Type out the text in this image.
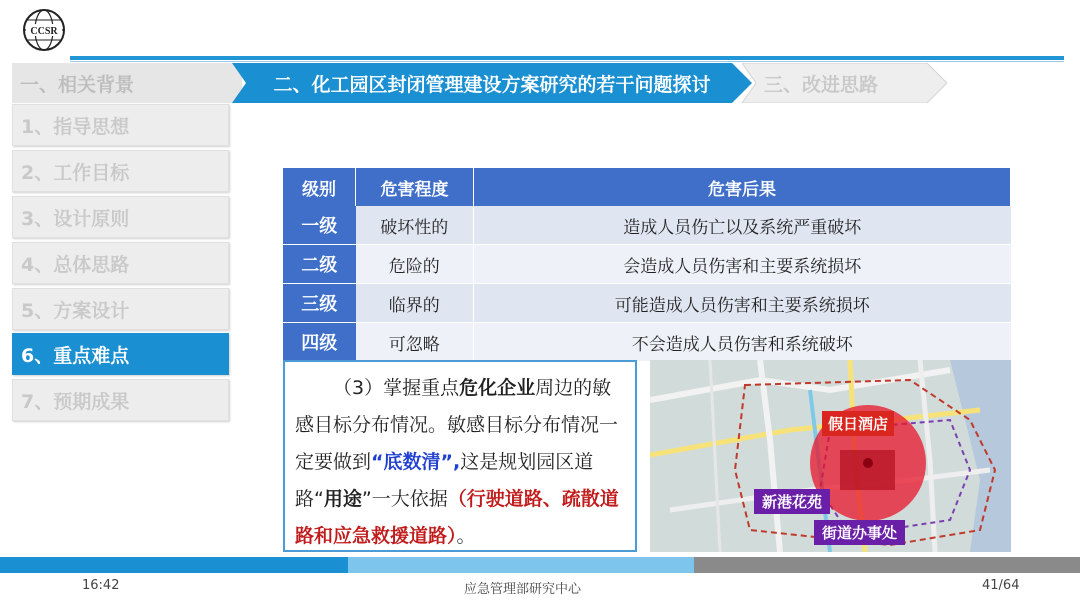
CCSR
一、相关背景	三、改进思路
二、化工园区封闭管理建设方案研究的若干问题探讨
1、指导思想
2、工作目标
3、设计原则
4、总体思路
5、方案设计
6、重点难点
7、预期成果
级别	危害程度	危害后果
一级	破坏性的	造成人员伤亡以及系统严重破坏
二级	危险的	会造成人员伤害和主要系统损坏
三级	临界的	可能造成人员伤害和主要系统损坏
四级	可忽略	不会造成人员伤害和系统破坏
（3）掌握重点危化企业周边的敏感目标分布情况。敏感目标分布情况一定要做到“底数清”,这是规划园区道路“用途”一大依据（行驶道路、疏散道路和应急救援道路）。
假日酒店
新港花苑
街道办事处
16:42	应急管理部研究中心	41/64
